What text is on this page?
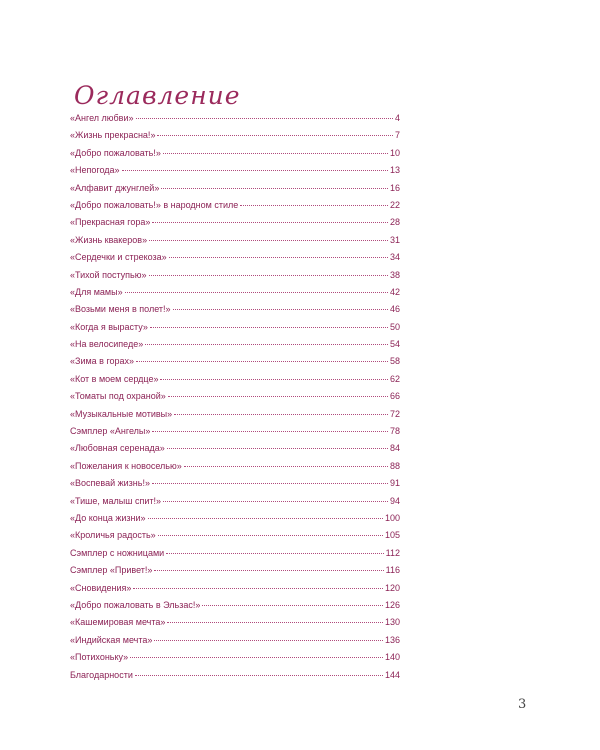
Оглавление
«Ангел любви»	4
«Жизнь прекрасна!»	7
«Добро пожаловать!»	10
«Непогода»	13
«Алфавит джунглей»	16
«Добро пожаловать!» в народном стиле	22
«Прекрасная гора»	28
«Жизнь квакеров»	31
«Сердечки и стрекоза»	34
«Тихой поступью»	38
«Для мамы»	42
«Возьми меня в полет!»	46
«Когда я вырасту»	50
«На велосипеде»	54
«Зима в горах»	58
«Кот в моем сердце»	62
«Томаты под охраной»	66
«Музыкальные мотивы»	72
Сэмплер «Ангелы»	78
«Любовная серенада»	84
«Пожелания к новоселью»	88
«Воспевай жизнь!»	91
«Тише, малыш спит!»	94
«До конца жизни»	100
«Кроличья радость»	105
Сэмплер с ножницами	112
Сэмплер «Привет!»	116
«Сновидения»	120
«Добро пожаловать в Эльзас!»	126
«Кашемировая мечта»	130
«Индийская мечта»	136
«Потихоньку»	140
Благодарности	144
3
